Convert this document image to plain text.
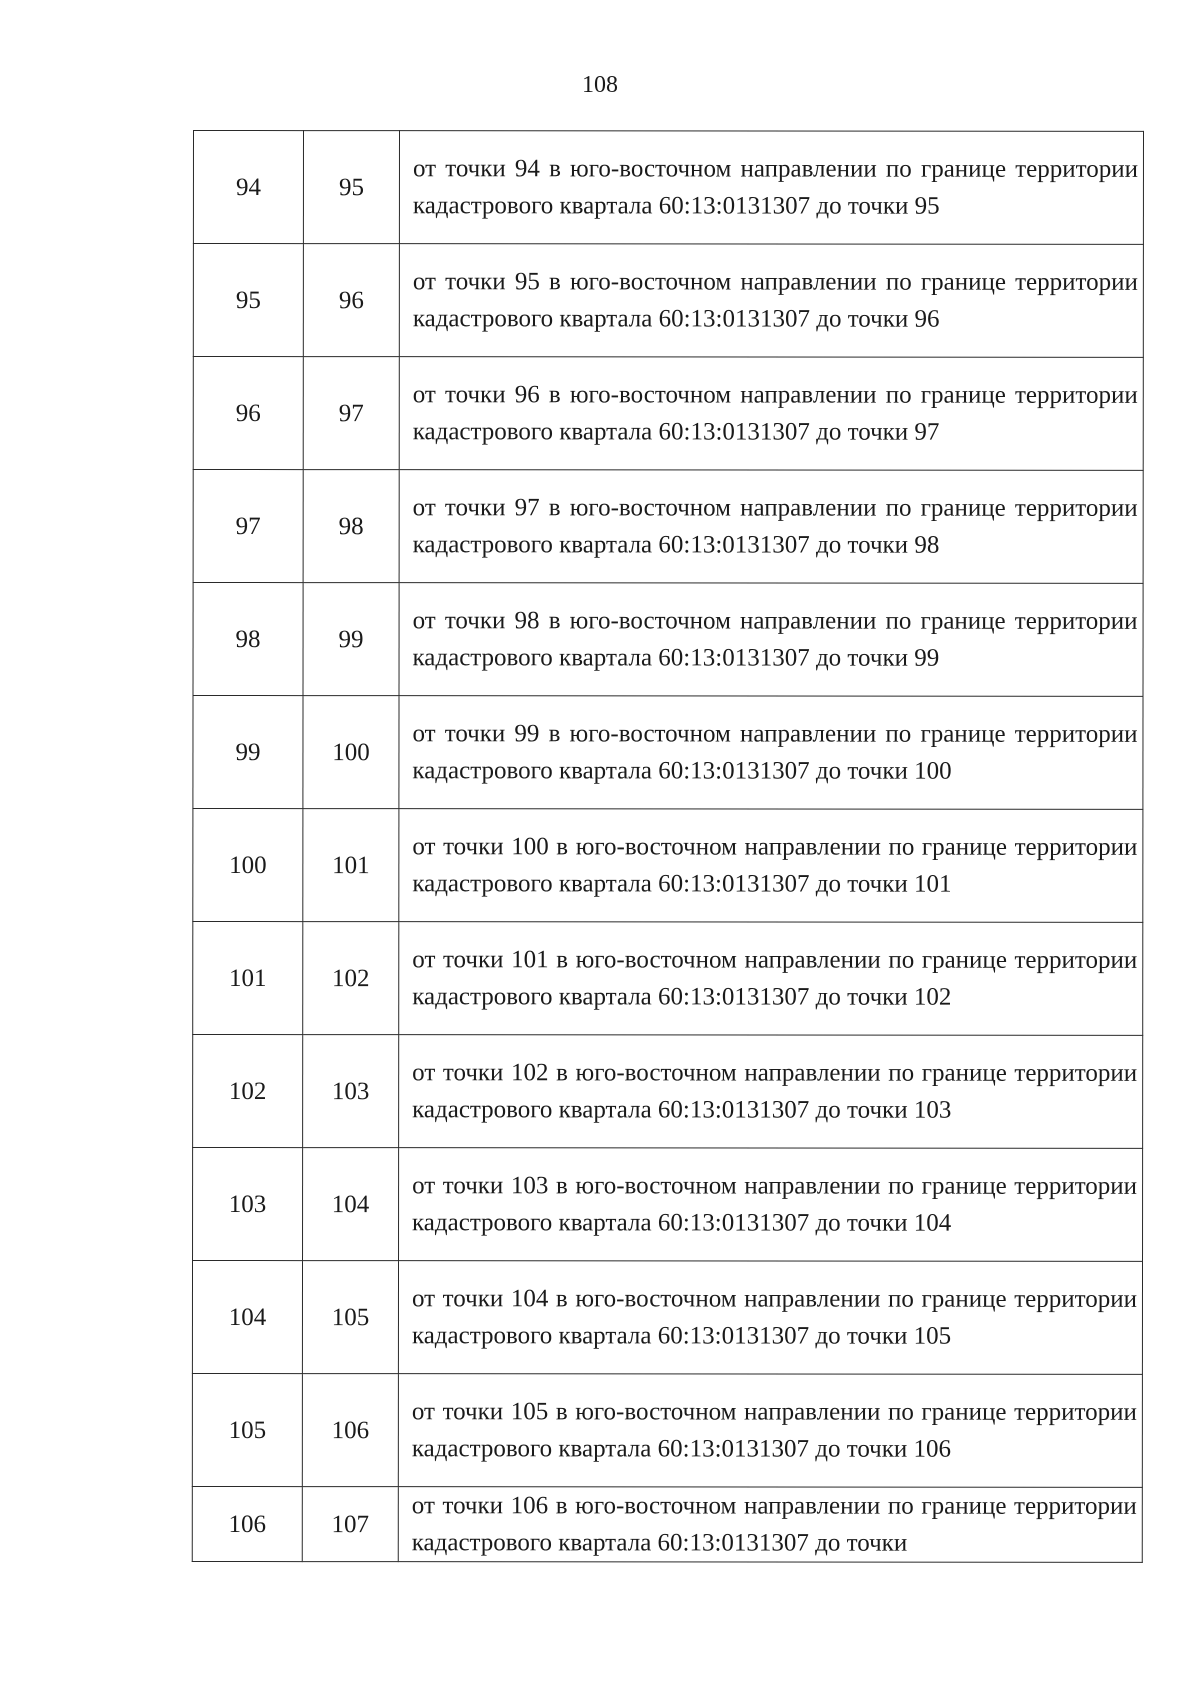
108
94	95	от точки 94 в юго-восточном направлении по границе территории кадастрового квартала 60:13:0131307 до точки 95
95	96	от точки 95 в юго-восточном направлении по границе территории кадастрового квартала 60:13:0131307 до точки 96
96	97	от точки 96 в юго-восточном направлении по границе территории кадастрового квартала 60:13:0131307 до точки 97
97	98	от точки 97 в юго-восточном направлении по границе территории кадастрового квартала 60:13:0131307 до точки 98
98	99	от точки 98 в юго-восточном направлении по границе территории кадастрового квартала 60:13:0131307 до точки 99
99	100	от точки 99 в юго-восточном направлении по границе территории кадастрового квартала 60:13:0131307 до точки 100
100	101	от точки 100 в юго-восточном направлении по границе территории кадастрового квартала 60:13:0131307 до точки 101
101	102	от точки 101 в юго-восточном направлении по границе территории кадастрового квартала 60:13:0131307 до точки 102
102	103	от точки 102 в юго-восточном направлении по границе территории кадастрового квартала 60:13:0131307 до точки 103
103	104	от точки 103 в юго-восточном направлении по границе территории кадастрового квартала 60:13:0131307 до точки 104
104	105	от точки 104 в юго-восточном направлении по границе территории кадастрового квартала 60:13:0131307 до точки 105
105	106	от точки 105 в юго-восточном направлении по границе территории кадастрового квартала 60:13:0131307 до точки 106
106	107	от точки 106 в юго-восточном направлении по границе территории кадастрового квартала 60:13:0131307 до точки
